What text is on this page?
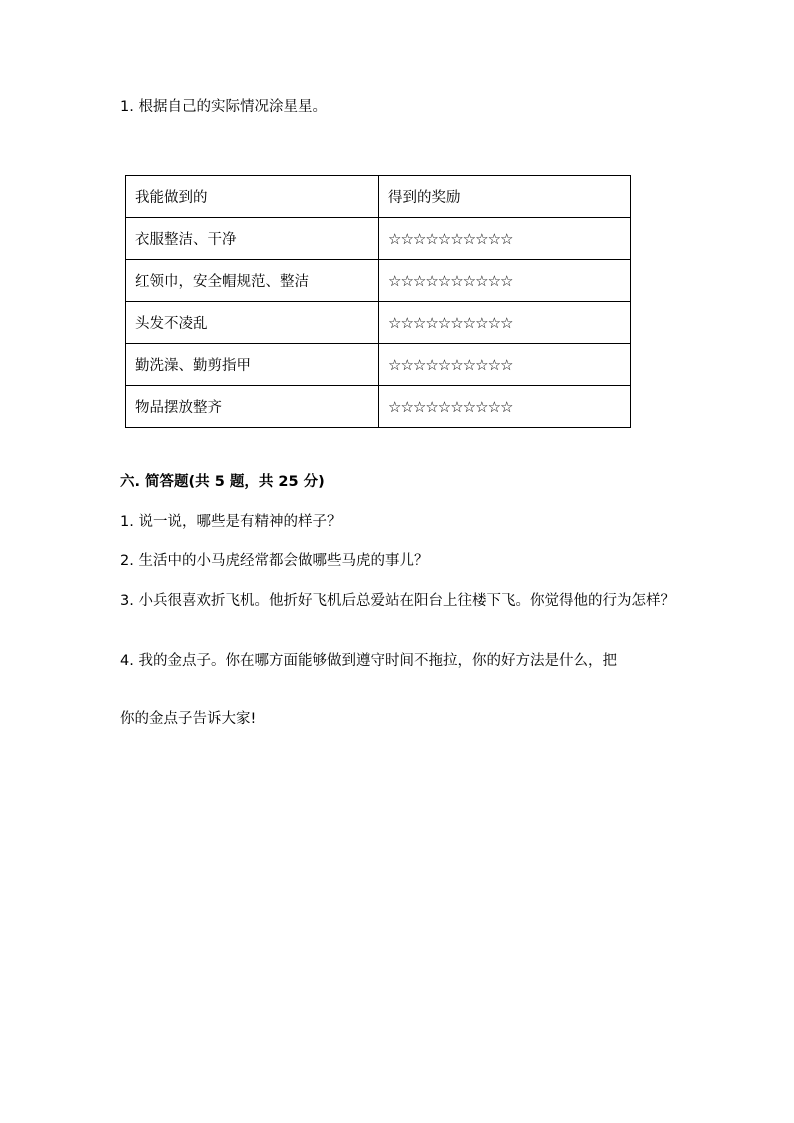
1. 根据自己的实际情况涂星星。
我能做到的	得到的奖励
衣服整洁、干净	☆☆☆☆☆☆☆☆☆☆
红领巾，安全帽规范、整洁	☆☆☆☆☆☆☆☆☆☆
头发不凌乱	☆☆☆☆☆☆☆☆☆☆
勤洗澡、勤剪指甲	☆☆☆☆☆☆☆☆☆☆
物品摆放整齐	☆☆☆☆☆☆☆☆☆☆
六. 简答题(共 5 题，共 25 分)
1. 说一说，哪些是有精神的样子？
2. 生活中的小马虎经常都会做哪些马虎的事儿？
3. 小兵很喜欢折飞机。他折好飞机后总爱站在阳台上往楼下飞。你觉得他的行为怎样？
4. 我的金点子。你在哪方面能够做到遵守时间不拖拉，你的好方法是什么，把
你的金点子告诉大家!
